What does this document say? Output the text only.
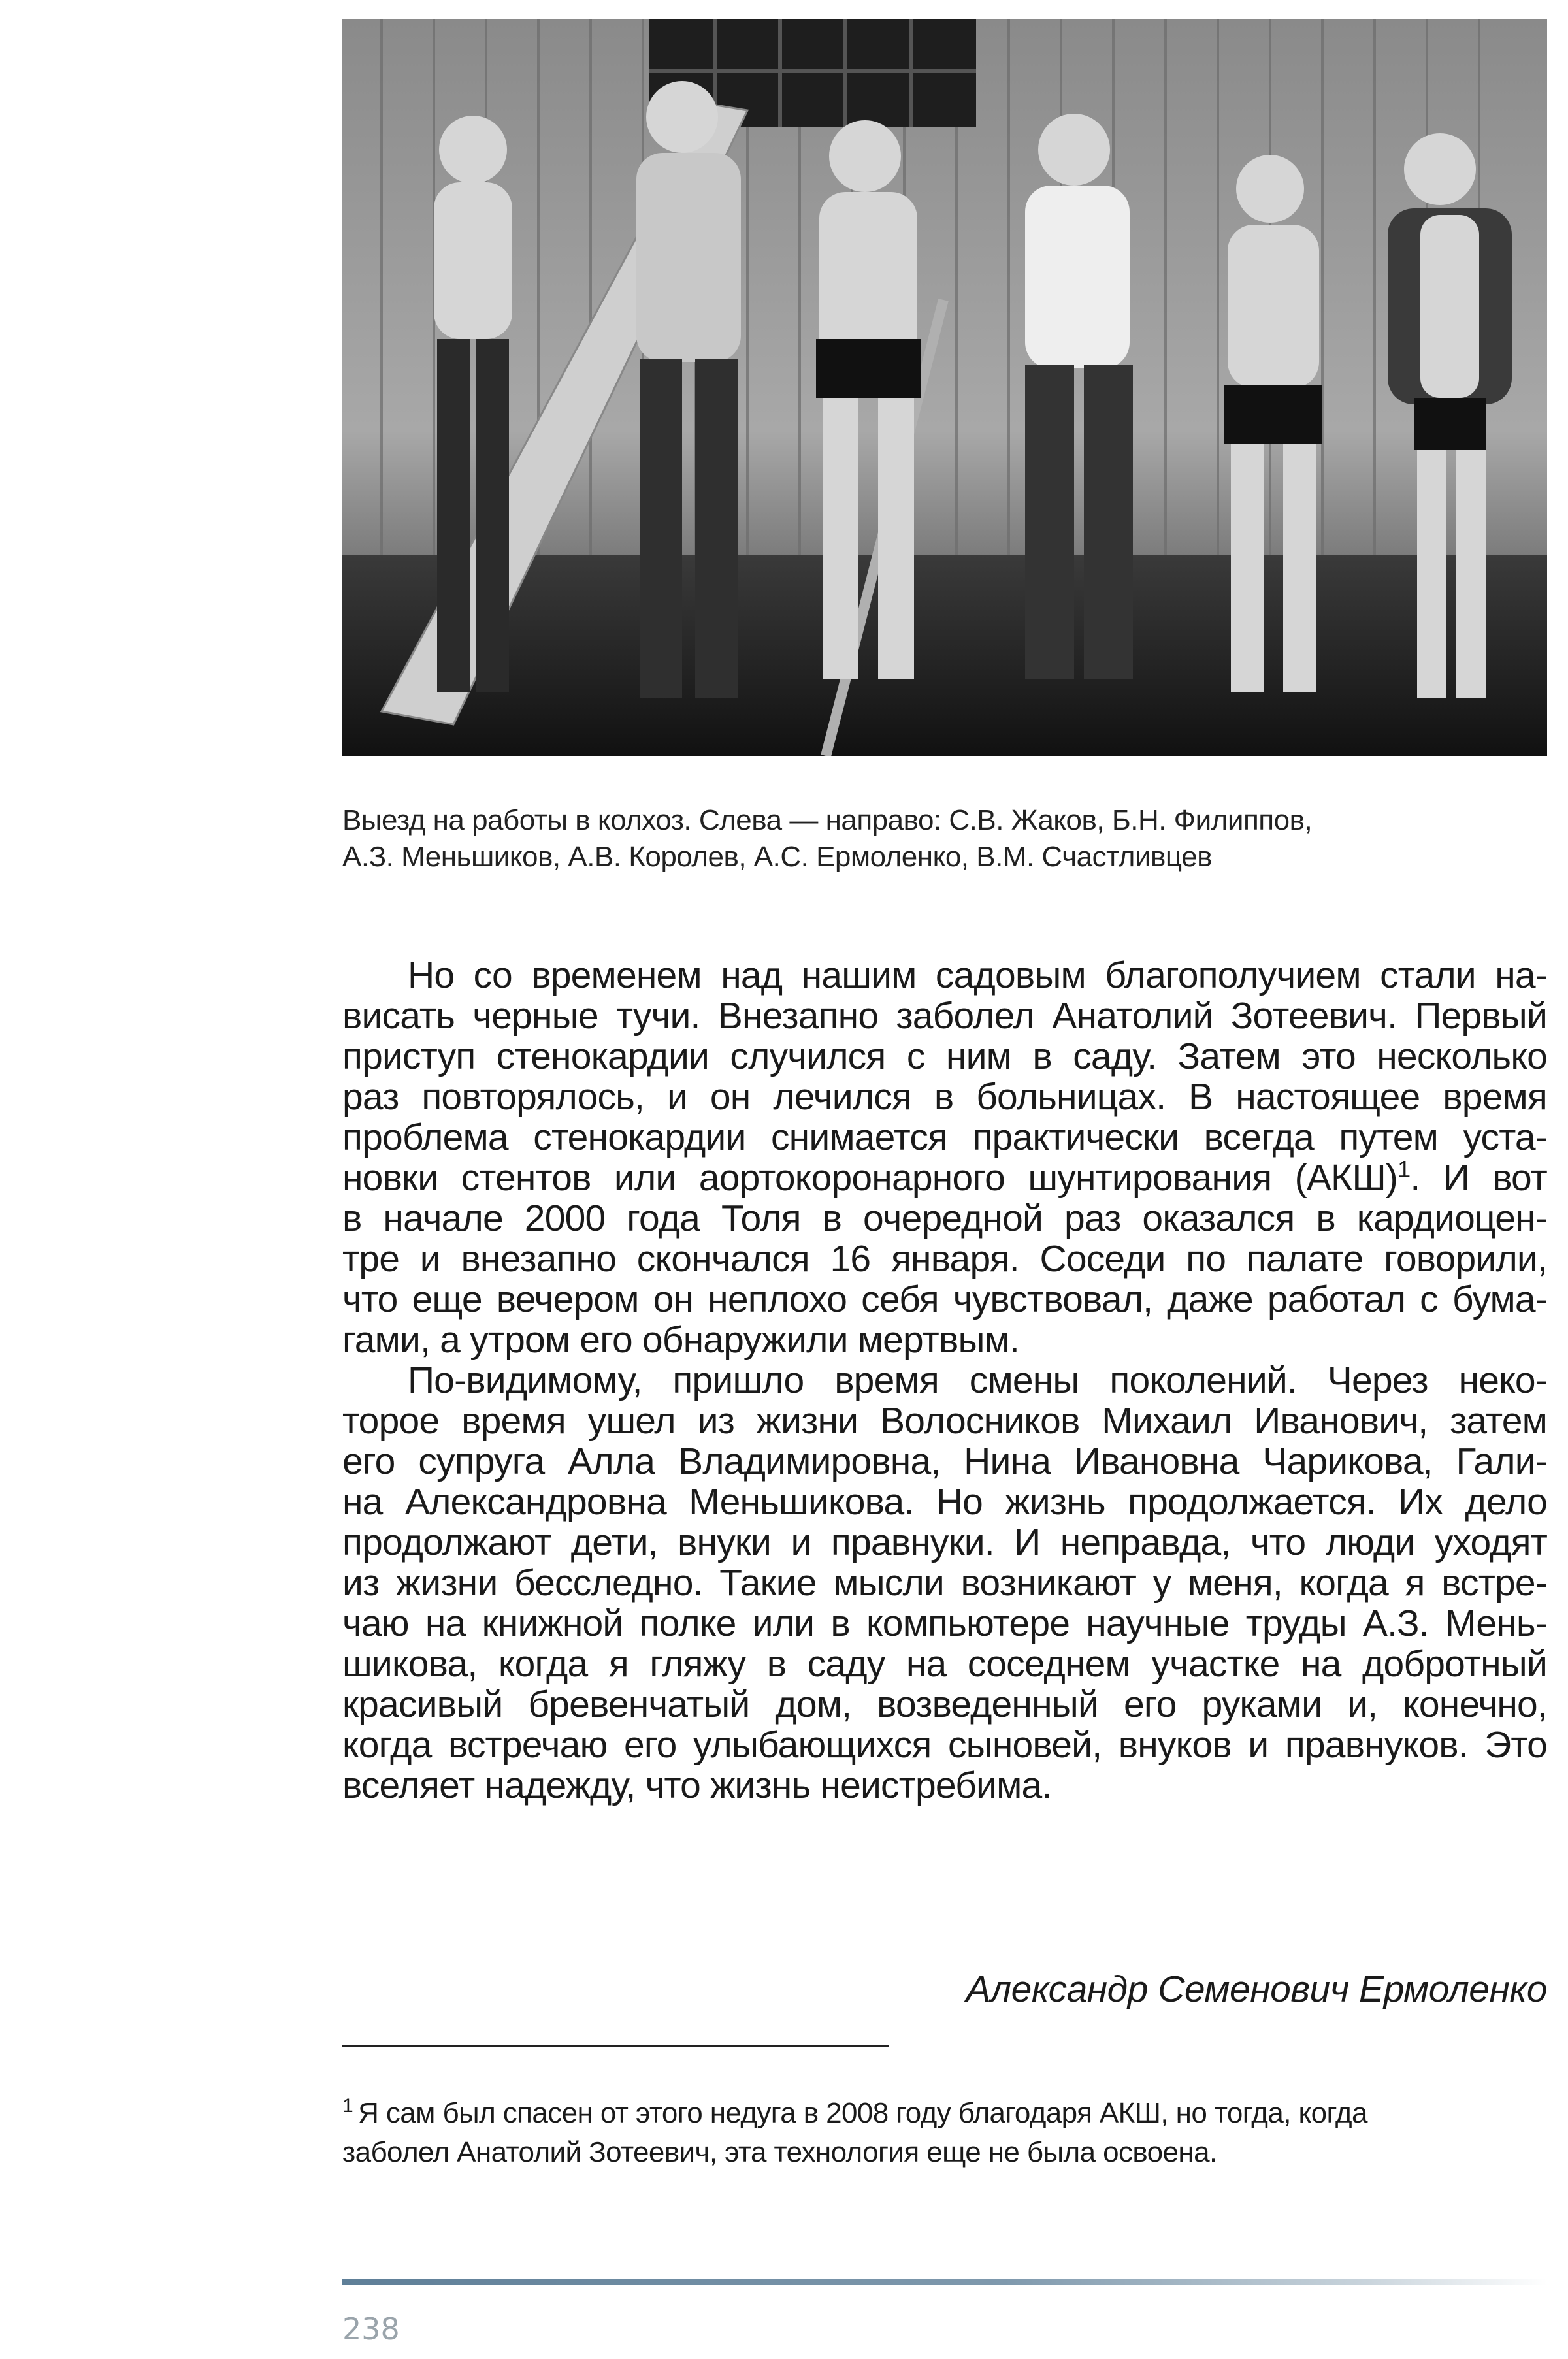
Выезд на работы в колхоз. Слева — направо: С.В. Жаков, Б.Н. Филиппов,
А.З. Меньшиков, А.В. Королев, А.С. Ермоленко, В.М. Счастливцев
Но со временем над нашим садовым благополучием стали на-
висать черные тучи. Внезапно заболел Анатолий Зотеевич. Первый
приступ стенокардии случился с ним в саду. Затем это несколько
раз повторялось, и он лечился в больницах. В настоящее время
проблема стенокардии снимается практически всегда путем уста-
новки стентов или аортокоронарного шунтирования (АКШ)$^1$. И вот
в начале 2000 года Толя в очередной раз оказался в кардиоцен-
тре и внезапно скончался 16 января. Соседи по палате говорили,
что еще вечером он неплохо себя чувствовал, даже работал с бума-
гами, а утром его обнаружили мертвым.
По-видимому, пришло время смены поколений. Через неко-
торое время ушел из жизни Волосников Михаил Иванович, затем
его супруга Алла Владимировна, Нина Ивановна Чарикова, Гали-
на Александровна Меньшикова. Но жизнь продолжается. Их дело
продолжают дети, внуки и правнуки. И неправда, что люди уходят
из жизни бесследно. Такие мысли возникают у меня, когда я встре-
чаю на книжной полке или в компьютере научные труды А.З. Мень-
шикова, когда я гляжу в саду на соседнем участке на добротный
красивый бревенчатый дом, возведенный его руками и, конечно,
когда встречаю его улыбающихся сыновей, внуков и правнуков. Это
вселяет надежду, что жизнь неистребима.
Александр Семенович Ермоленко
$^1$ Я сам был спасен от этого недуга в 2008 году благодаря АКШ, но тогда, когда
заболел Анатолий Зотеевич, эта технология еще не была освоена.
238
